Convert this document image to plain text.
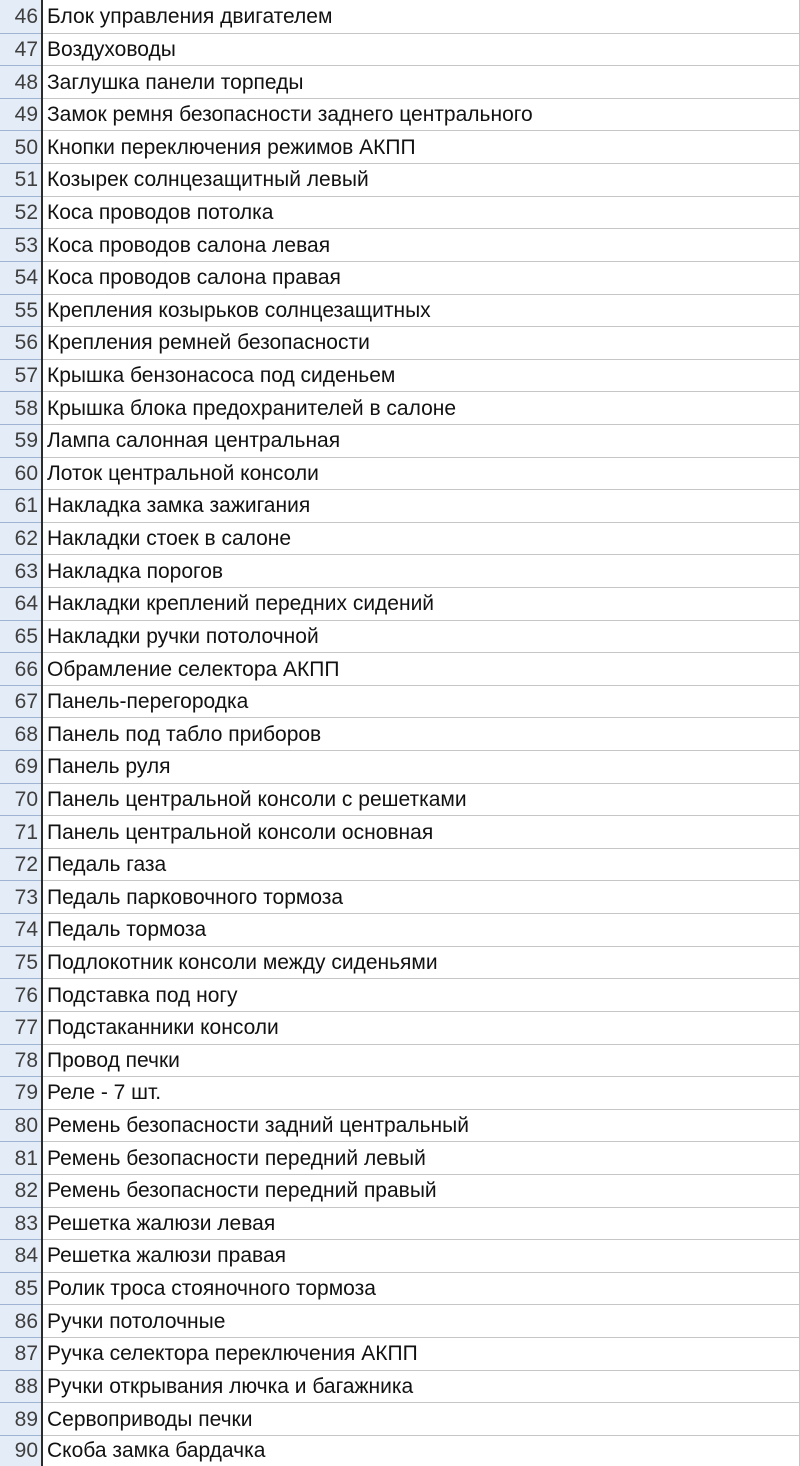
46	Блок управления двигателем
47	Воздуховоды
48	Заглушка панели торпеды
49	Замок ремня безопасности заднего центрального
50	Кнопки переключения режимов АКПП
51	Козырек солнцезащитный левый
52	Коса проводов потолка
53	Коса проводов салона левая
54	Коса проводов салона правая
55	Крепления козырьков солнцезащитных
56	Крепления ремней безопасности
57	Крышка бензонасоса под сиденьем
58	Крышка блока предохранителей в салоне
59	Лампа салонная центральная
60	Лоток центральной консоли
61	Накладка замка зажигания
62	Накладки стоек в салоне
63	Накладка порогов
64	Накладки креплений передних сидений
65	Накладки ручки потолочной
66	Обрамление селектора АКПП
67	Панель-перегородка
68	Панель под табло приборов
69	Панель руля
70	Панель центральной консоли с решетками
71	Панель центральной консоли основная
72	Педаль газа
73	Педаль парковочного тормоза
74	Педаль тормоза
75	Подлокотник консоли между сиденьями
76	Подставка под ногу
77	Подстаканники консоли
78	Провод печки
79	Реле - 7 шт.
80	Ремень безопасности задний центральный
81	Ремень безопасности передний левый
82	Ремень безопасности передний правый
83	Решетка жалюзи левая
84	Решетка жалюзи правая
85	Ролик троса стояночного тормоза
86	Ручки потолочные
87	Ручка селектора переключения АКПП
88	Ручки открывания лючка и багажника
89	Сервоприводы печки
90	Скоба замка бардачка
